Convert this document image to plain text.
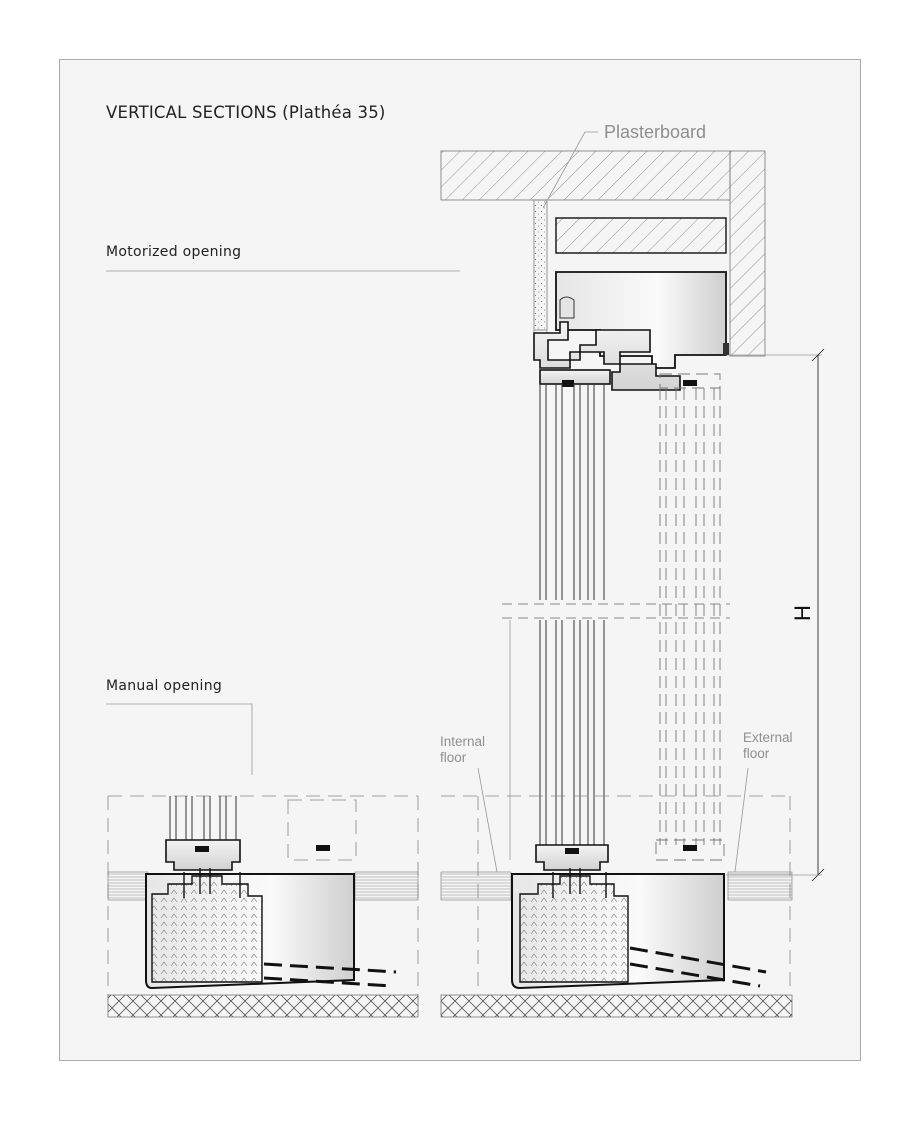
VERTICAL SECTIONS (Plathéa 35)
Motorized opening
Manual opening
Plasterboard
Internal
floor
External
floor
H
